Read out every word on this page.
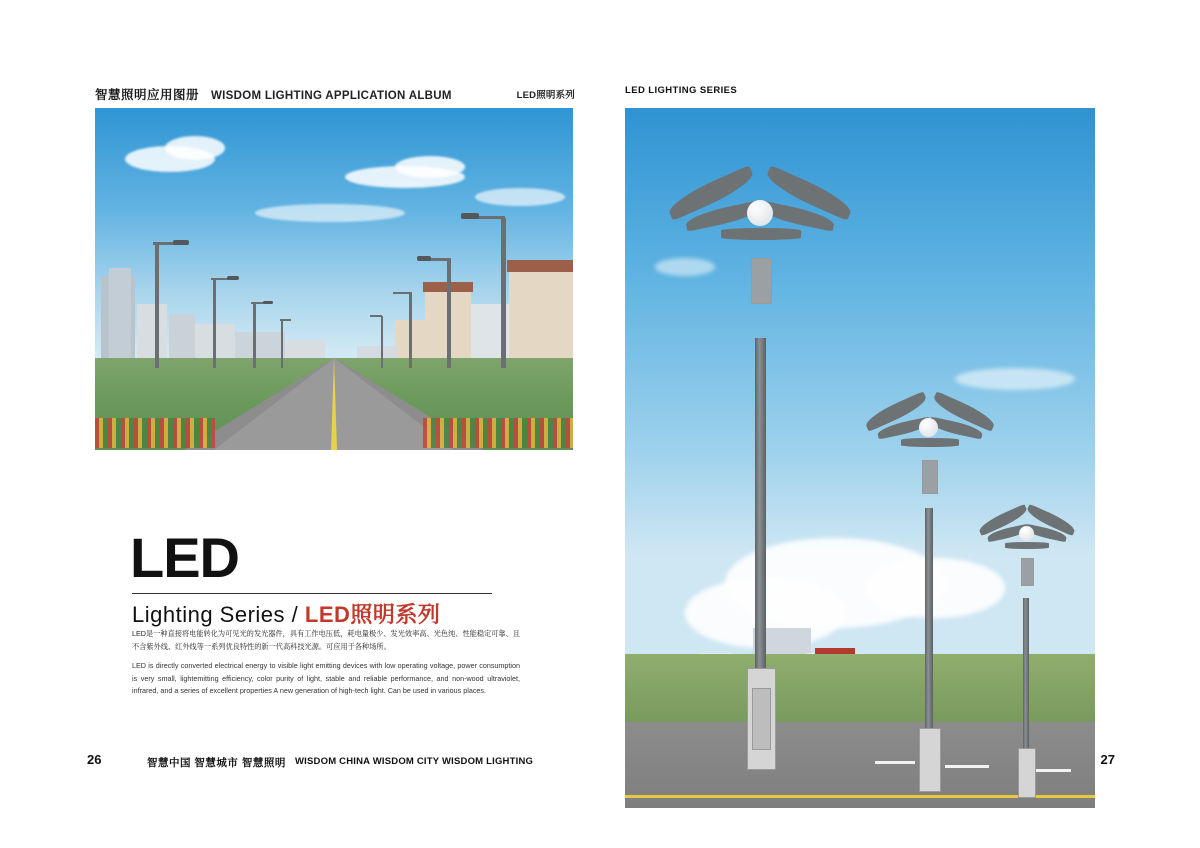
智慧照明应用图册 WISDOM LIGHTING APPLICATION ALBUM	LED照明系列
LED
Lighting Series / LED照明系列
LED是一种直接将电能转化为可见光的发光器件，具有工作电压低，耗电量极少、发光效率高、光色纯、性能稳定可靠、且不含紫外线、红外线等一系列优良特性的新一代高科技光源。可应用于各种场所。
LED is directly converted electrical energy to visible light emitting devices with low operating voltage, power consumption is very small, lightemitting efficiency, color purity of light, stable and reliable performance, and non-wood ultraviolet, infrared, and a series of excellent properties A new generation of high-tech light. Can be used in various places.
26	智慧中国 智慧城市 智慧照明 WISDOM CHINA WISDOM CITY WISDOM LIGHTING
LED LIGHTING SERIES
27
